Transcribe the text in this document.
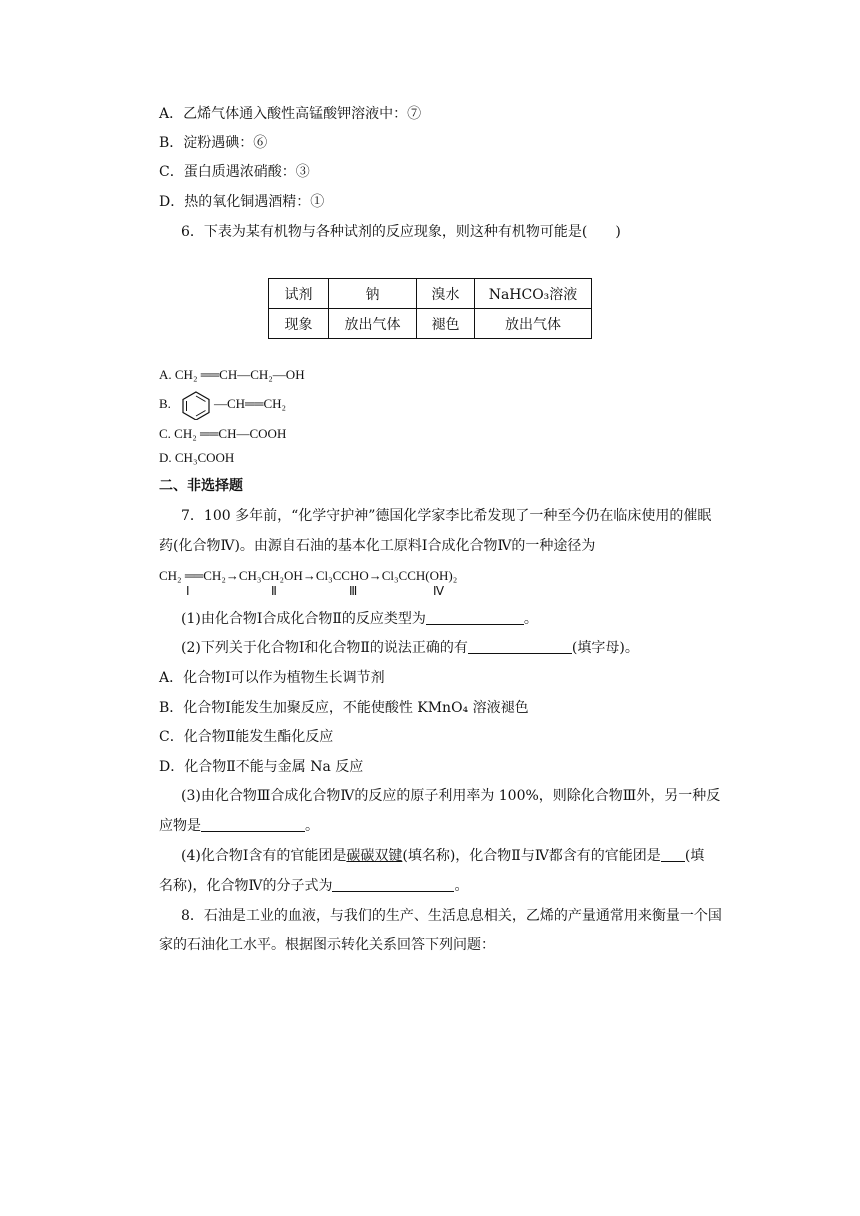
A．乙烯气体通入酸性高锰酸钾溶液中：⑦
B．淀粉遇碘：⑥
C．蛋白质遇浓硝酸：③
D．热的氧化铜遇酒精：①
6．下表为某有机物与各种试剂的反应现象，则这种有机物可能是(　　)
试剂	钠	溴水	NaHCO₃溶液
现象	放出气体	褪色	放出气体
A. CH₂ ══CH—CH₂—OH
B.	—CH══CH₂
C. CH₂ ══CH—COOH
D. CH₃COOH
二、非选择题
7．100 多年前，“化学守护神”德国化学家李比希发现了一种至今仍在临床使用的催眠
药(化合物Ⅳ)。由源自石油的基本化工原料Ⅰ合成化合物Ⅳ的一种途径为
CH₂ ══CH₂→CH₃CH₂OH→Cl₃CCHO→Cl₃CCH(OH)₂
Ⅰ	Ⅱ	Ⅲ	Ⅳ
(1)由化合物Ⅰ合成化合物Ⅱ的反应类型为	。
(2)下列关于化合物Ⅰ和化合物Ⅱ的说法正确的有	(填字母)。
A．化合物Ⅰ可以作为植物生长调节剂
B．化合物Ⅰ能发生加聚反应，不能使酸性 KMnO₄ 溶液褪色
C．化合物Ⅱ能发生酯化反应
D．化合物Ⅱ不能与金属 Na 反应
(3)由化合物Ⅲ合成化合物Ⅳ的反应的原子利用率为 100%，则除化合物Ⅲ外，另一种反
应物是	。
(4)化合物Ⅰ含有的官能团是碳碳双键(填名称)，化合物Ⅱ与Ⅳ都含有的官能团是 (填
名称)，化合物Ⅳ的分子式为	。
8．石油是工业的血液，与我们的生产、生活息息相关，乙烯的产量通常用来衡量一个国
家的石油化工水平。根据图示转化关系回答下列问题：
